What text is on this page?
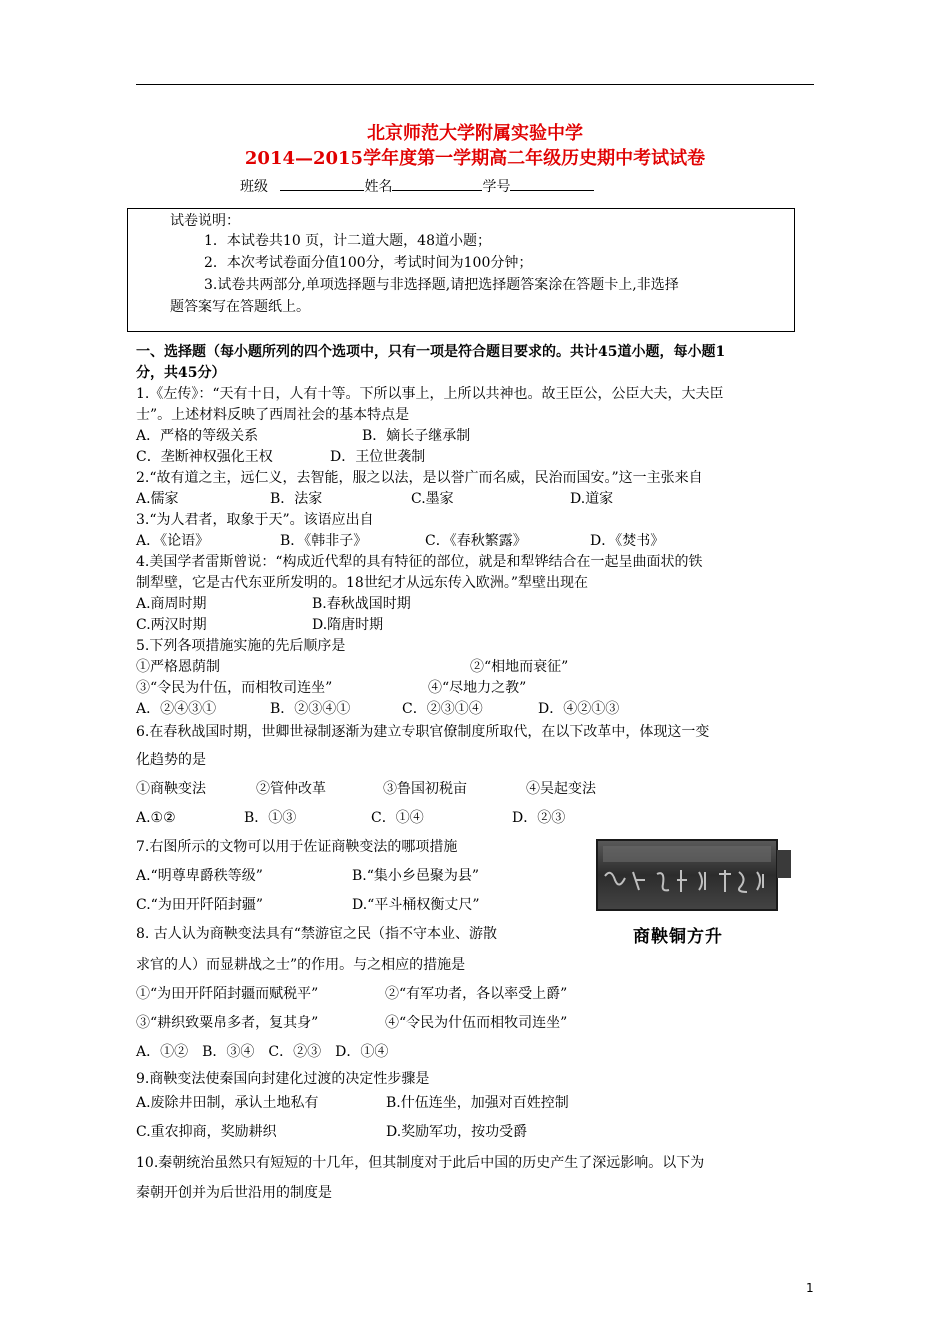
北京师范大学附属实验中学
2014—2015学年度第一学期高二年级历史期中考试试卷
班级	姓名	学号
试卷说明：
1．本试卷共10 页，计二道大题，48道小题；
2．本次考试卷面分值100分，考试时间为100分钟；
3.试卷共两部分,单项选择题与非选择题,请把选择题答案涂在答题卡上,非选择
题答案写在答题纸上。
一、选择题（每小题所列的四个选项中，只有一项是符合题目要求的。共计45道小题，每小题1
分，共45分）
1.《左传》：“天有十日，人有十等。下所以事上，上所以共神也。故王臣公，公臣大夫，大夫臣
士”。上述材料反映了西周社会的基本特点是
A．严格的等级关系	B．嫡长子继承制
C．垄断神权强化王权	D．王位世袭制
2.“故有道之主，远仁义，去智能，服之以法，是以誉广而名威，民治而国安。”这一主张来自
A.儒家	B．法家	C.墨家	D.道家
3.“为人君者，取象于天”。该语应出自
A．《论语》	B．《韩非子》	C．《春秋繁露》	D．《焚书》
4.美国学者雷斯曾说：“构成近代犁的具有特征的部位，就是和犁铧结合在一起呈曲面状的铁
制犁壁，它是古代东亚所发明的。18世纪才从远东传入欧洲。”犁壁出现在
A.商周时期	B.春秋战国时期
C.两汉时期	D.隋唐时期
5.下列各项措施实施的先后顺序是
①严格恩荫制	②“相地而衰征”
③“令民为什伍，而相牧司连坐”	④“尽地力之教”
A．②④③①	B．②③④①	C．②③①④	D．④②①③
6.在春秋战国时期，世卿世禄制逐渐为建立专职官僚制度所取代，在以下改革中，体现这一变
化趋势的是
①商鞅变法	②管仲改革	③鲁国初税亩	④吴起变法
A.①②	B．①③	C．①④	D．②③
7.右图所示的文物可以用于佐证商鞅变法的哪项措施
A.“明尊卑爵秩等级”	B.“集小乡邑聚为县”
C.“为田开阡陌封疆”	D.“平斗桶权衡丈尺”
商鞅铜方升
8. 古人认为商鞅变法具有“禁游宦之民（指不守本业、游散
求官的人）而显耕战之士”的作用。与之相应的措施是
①“为田开阡陌封疆而赋税平”	②“有军功者，各以率受上爵”
③“耕织致粟帛多者，复其身”	④“令民为什伍而相牧司连坐”
A．①②　B．③④　C．②③　D．①④
9.商鞅变法使秦国向封建化过渡的决定性步骤是
A.废除井田制，承认土地私有	B.什伍连坐，加强对百姓控制
C.重农抑商，奖励耕织	D.奖励军功，按功受爵
10.秦朝统治虽然只有短短的十几年，但其制度对于此后中国的历史产生了深远影响。以下为
秦朝开创并为后世沿用的制度是
1
